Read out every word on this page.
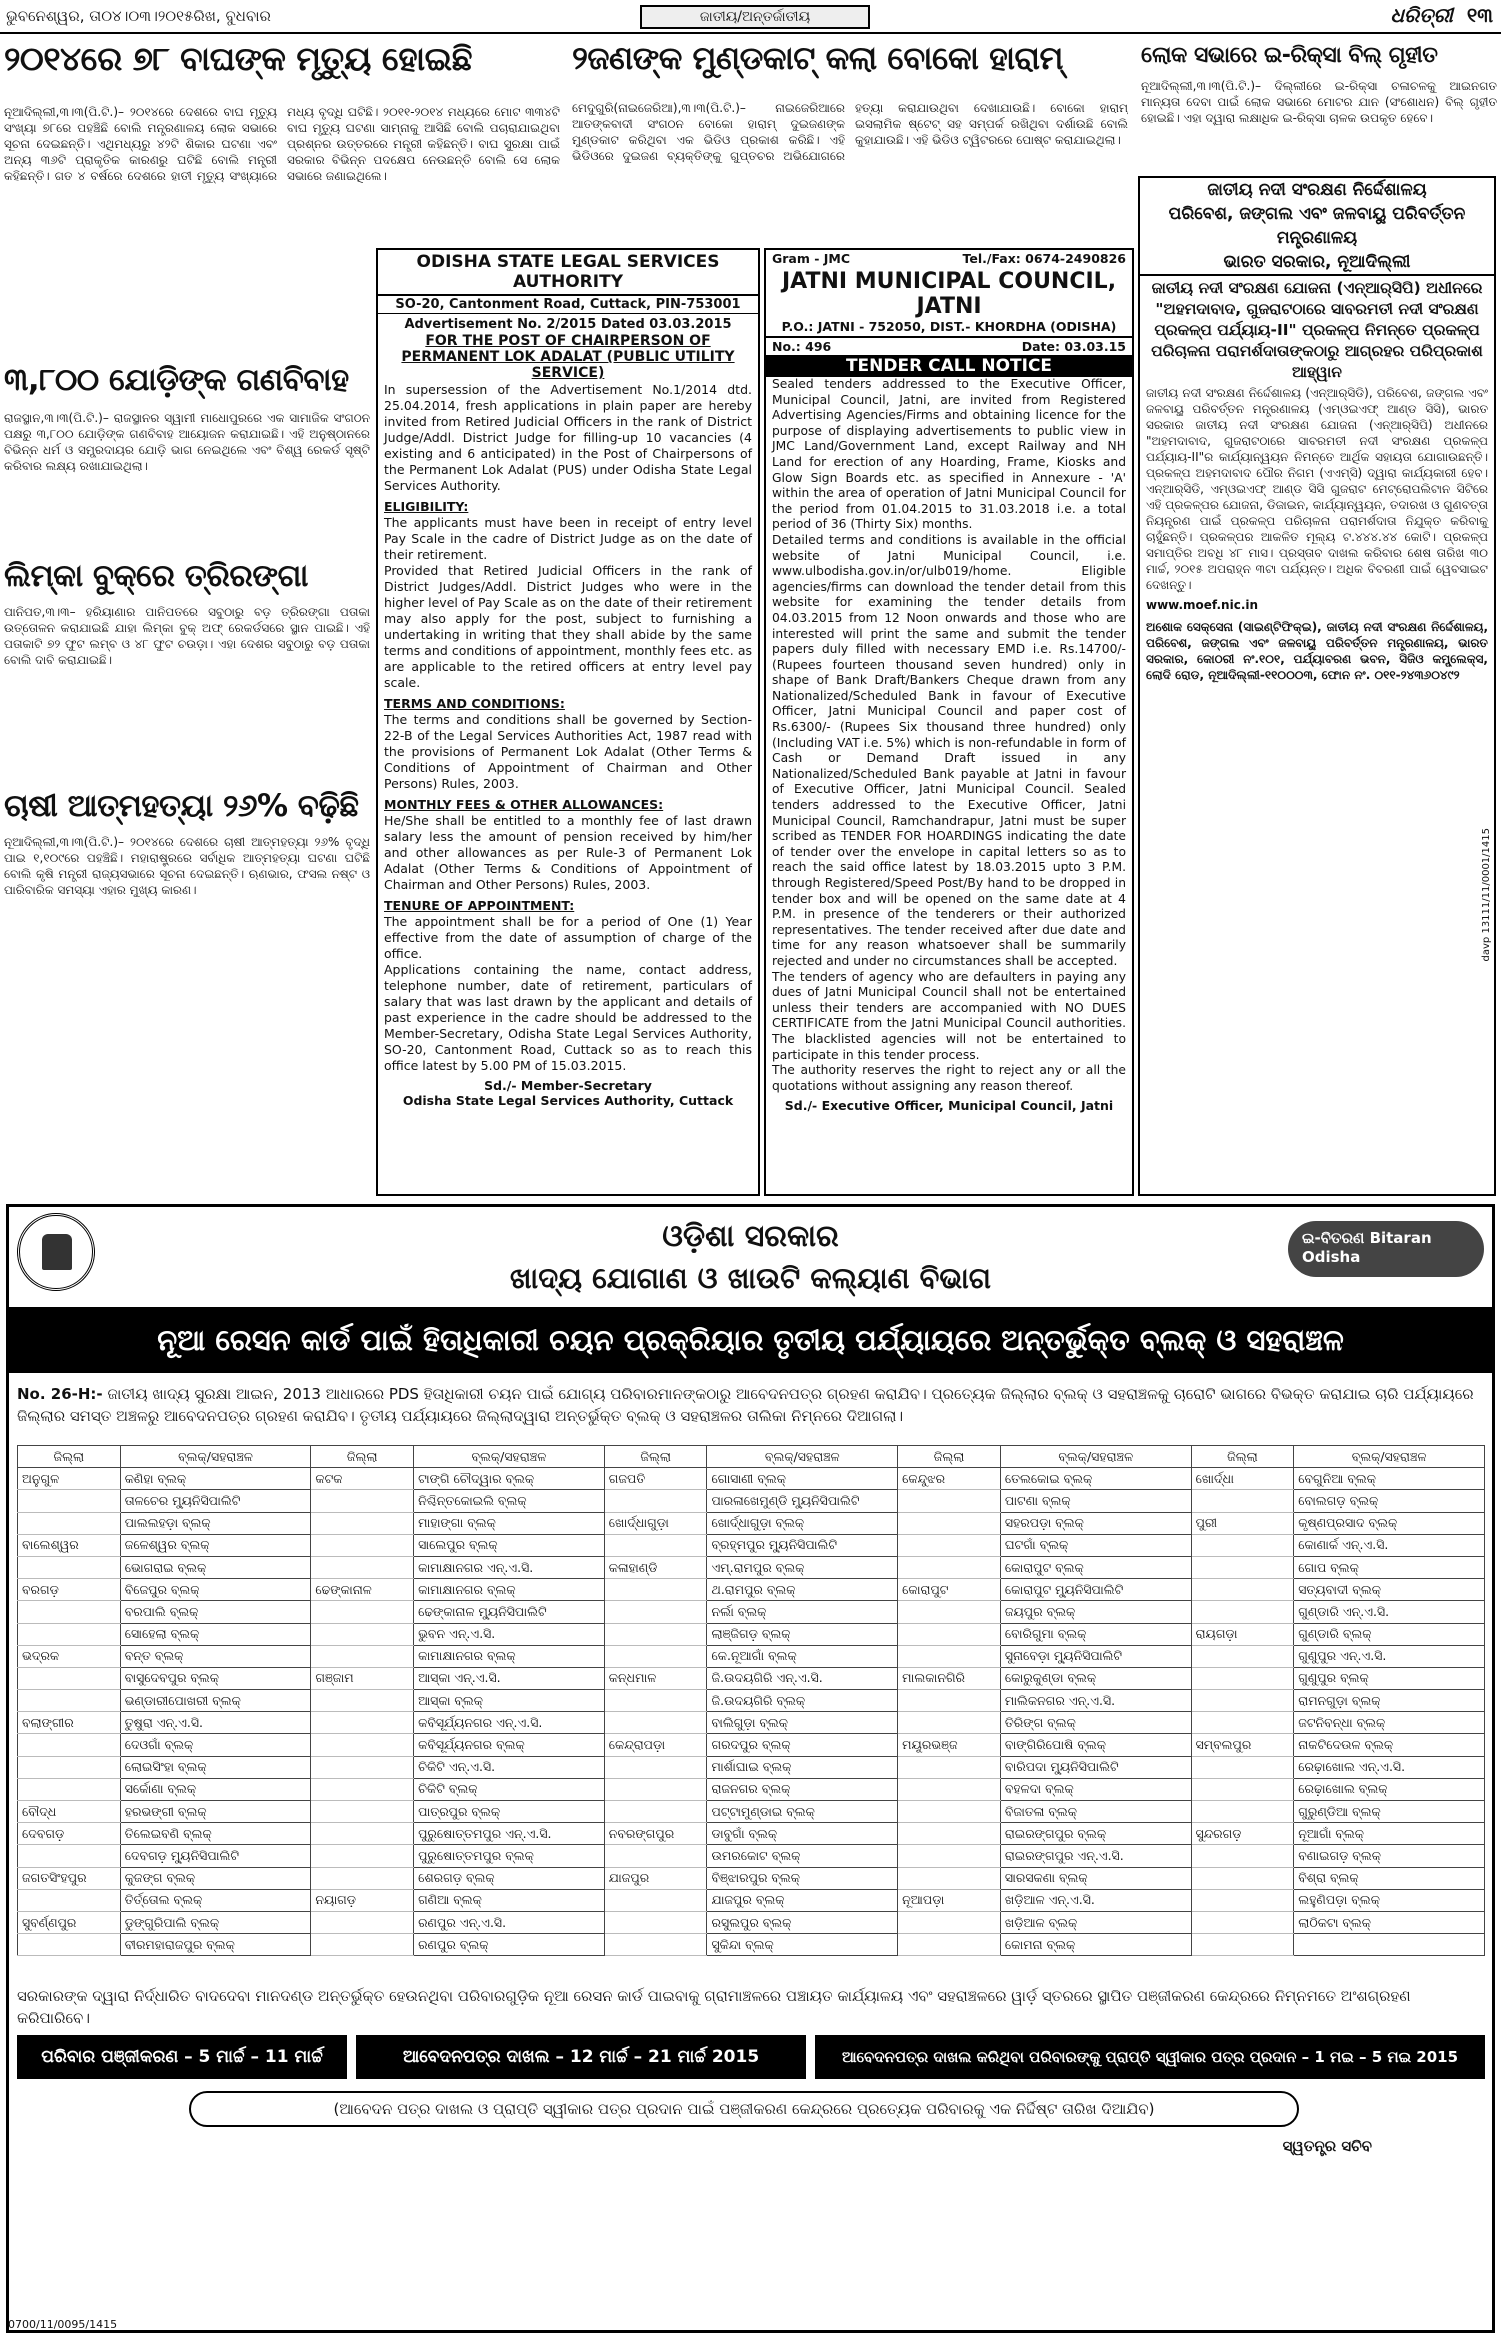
ଭୁବନେଶ୍ୱର, ତା୦୪।୦୩।୨୦୧୫ରିଖ, ବୁଧବାର	ଜାତୀୟ/ଅନ୍ତର୍ଜାତୀୟ	ଧରିତ୍ରୀ ୧୩
୨୦୧୪ରେ ୭୮ ବାଘଙ୍କ ମୃତ୍ୟୁ ହୋଇଛି
ନୂଆଦିଲ୍ଲୀ,୩।୩(ପି.ଟି.)– ୨୦୧୪ରେ ଦେଶରେ ବାଘ ମୃତ୍ୟୁ ସଂଖ୍ୟା ୭୮ରେ ପହଞ୍ଚିଛି ବୋଲି ମନ୍ତ୍ରଣାଳୟ ଲୋକ ସଭାରେ ସୂଚନା ଦେଇଛନ୍ତି। ଏଥିମଧ୍ୟରୁ ୪୨ଟି ଶିକାର ଘଟଣା ଏବଂ ଅନ୍ୟ ୩୬ଟି ପ୍ରାକୃତିକ କାରଣରୁ ଘଟିଛି ବୋଲି ମନ୍ତ୍ରୀ କହିଛନ୍ତି। ଗତ ୪ ବର୍ଷରେ ଦେଶରେ ହାତୀ ମୃତ୍ୟୁ ସଂଖ୍ୟାରେ ମଧ୍ୟ ବୃଦ୍ଧି ଘଟିଛି। ୨୦୧୧-୨୦୧୪ ମଧ୍ୟରେ ମୋଟ ୩୩୪ଟି ବାଘ ମୃତ୍ୟୁ ଘଟଣା ସାମ୍ନାକୁ ଆସିଛି ବୋଲି ପଚାରାଯାଇଥିବା ପ୍ରଶ୍ନର ଉତ୍ତରରେ ମନ୍ତ୍ରୀ କହିଛନ୍ତି। ବାଘ ସୁରକ୍ଷା ପାଇଁ ସରକାର ବିଭିନ୍ନ ପଦକ୍ଷେପ ନେଉଛନ୍ତି ବୋଲି ସେ ଲୋକ ସଭାରେ ଜଣାଇଥିଲେ।
୨ଜଣଙ୍କ ମୁଣ୍ଡକାଟ୍ କଲା ବୋକୋ ହାରାମ୍
ମେଦୁଗୁରି(ନାଇଜେରିଆ),୩।୩(ପି.ଟି.)– ନାଇଜେରିଆରେ ଆତଙ୍କବାଦୀ ସଂଗଠନ ବୋକୋ ହାରାମ୍ ଦୁଇଜଣଙ୍କ ମୁଣ୍ଡକାଟ କରିଥିବା ଏକ ଭିଡିଓ ପ୍ରକାଶ କରିଛି। ଏହି ଭିଡିଓରେ ଦୁଇଜଣ ବ୍ୟକ୍ତିଙ୍କୁ ଗୁପ୍ତଚର ଅଭିଯୋଗରେ ହତ୍ୟା କରାଯାଉଥିବା ଦେଖାଯାଉଛି। ବୋକୋ ହାରାମ୍ ଇସଲାମିକ ଷ୍ଟେଟ୍ ସହ ସମ୍ପର୍କ ରଖିଥିବା ଦର୍ଶାଉଛି ବୋଲି କୁହାଯାଉଛି। ଏହି ଭିଡିଓ ଟ୍ୱିଟରରେ ପୋଷ୍ଟ କରାଯାଇଥିଲା।
ଲୋକ ସଭାରେ ଇ-ରିକ୍ସା ବିଲ୍ ଗୃହୀତ
ନୂଆଦିଲ୍ଲୀ,୩।୩(ପି.ଟି.)– ଦିଲ୍ଲୀରେ ଇ-ରିକ୍ସା ଚଳାଚଳକୁ ଆଇନଗତ ମାନ୍ୟତା ଦେବା ପାଇଁ ଲୋକ ସଭାରେ ମୋଟର ଯାନ (ସଂଶୋଧନ) ବିଲ୍ ଗୃହୀତ ହୋଇଛି। ଏହା ଦ୍ୱାରା ଲକ୍ଷାଧିକ ଇ-ରିକ୍ସା ଚାଳକ ଉପକୃତ ହେବେ।
୩,୮୦୦ ଯୋଡ଼ିଙ୍କ ଗଣବିବାହ
ରାଜସ୍ଥାନ,୩।୩(ପି.ଟି.)– ରାଜସ୍ଥାନର ସ୍ୱାମୀ ମାଧୋପୁରରେ ଏକ ସାମାଜିକ ସଂଗଠନ ପକ୍ଷରୁ ୩,୮୦୦ ଯୋଡ଼ିଙ୍କ ଗଣବିବାହ ଆୟୋଜନ କରାଯାଇଛି। ଏହି ଅନୁଷ୍ଠାନରେ ବିଭିନ୍ନ ଧର୍ମ ଓ ସମ୍ପ୍ରଦାୟର ଯୋଡ଼ି ଭାଗ ନେଇଥିଲେ ଏବଂ ବିଶ୍ୱ ରେକର୍ଡ ସୃଷ୍ଟି କରିବାର ଲକ୍ଷ୍ୟ ରଖାଯାଇଥିଲା।
ଲିମ୍‌କା ବୁକ୍‌ରେ ତ୍ରିରଙ୍ଗା
ପାନିପତ,୩।୩– ହରିୟାଣାର ପାନିପତରେ ସବୁଠାରୁ ବଡ଼ ତ୍ରିରଙ୍ଗା ପତାକା ଉତ୍ତୋଳନ କରାଯାଇଛି ଯାହା ଲିମ୍‌କା ବୁକ୍ ଅଫ୍ ରେକର୍ଡସରେ ସ୍ଥାନ ପାଇଛି। ଏହି ପତାକାଟି ୭୨ ଫୁଟ ଲମ୍ବ ଓ ୪୮ ଫୁଟ ଚଉଡ଼ା। ଏହା ଦେଶର ସବୁଠାରୁ ବଡ଼ ପତାକା ବୋଲି ଦାବି କରାଯାଇଛି।
ଚାଷୀ ଆତ୍ମହତ୍ୟା ୨୬% ବଢ଼ିଛି
ନୂଆଦିଲ୍ଲୀ,୩।୩(ପି.ଟି.)– ୨୦୧୪ରେ ଦେଶରେ ଚାଷୀ ଆତ୍ମହତ୍ୟା ୨୬% ବୃଦ୍ଧି ପାଇ ୧,୧୦୯ରେ ପହଞ୍ଚିଛି। ମହାରାଷ୍ଟ୍ରରେ ସର୍ବାଧିକ ଆତ୍ମହତ୍ୟା ଘଟଣା ଘଟିଛି ବୋଲି କୃଷି ମନ୍ତ୍ରୀ ରାଜ୍ୟସଭାରେ ସୂଚନା ଦେଇଛନ୍ତି। ଋଣଭାର, ଫସଲ ନଷ୍ଟ ଓ ପାରିବାରିକ ସମସ୍ୟା ଏହାର ମୁଖ୍ୟ କାରଣ।
ODISHA STATE LEGAL SERVICES AUTHORITY
SO-20, Cantonment Road, Cuttack, PIN-753001
Advertisement No. 2/2015 Dated 03.03.2015
FOR THE POST OF CHAIRPERSON OF PERMANENT LOK ADALAT (PUBLIC UTILITY SERVICE)

In supersession of the Advertisement No.1/2014 dtd. 25.04.2014, fresh applications in plain paper are hereby invited from Retired Judicial Officers in the rank of District Judge/Addl. District Judge for filling-up 10 vacancies (4 existing and 6 anticipated) in the Post of Chairpersons of the Permanent Lok Adalat (PUS) under Odisha State Legal Services Authority.

ELIGIBILITY:

The applicants must have been in receipt of entry level Pay Scale in the cadre of District Judge as on the date of their retirement.

Provided that Retired Judicial Officers in the rank of District Judges/Addl. District Judges who were in the higher level of Pay Scale as on the date of their retirement may also apply for the post, subject to furnishing a undertaking in writing that they shall abide by the same terms and conditions of appointment, monthly fees etc. as are applicable to the retired officers at entry level pay scale.

TERMS AND CONDITIONS:

The terms and conditions shall be governed by Section-22-B of the Legal Services Authorities Act, 1987 read with the provisions of Permanent Lok Adalat (Other Terms & Conditions of Appointment of Chairman and Other Persons) Rules, 2003.

MONTHLY FEES & OTHER ALLOWANCES:

He/She shall be entitled to a monthly fee of last drawn salary less the amount of pension received by him/her and other allowances as per Rule-3 of Permanent Lok Adalat (Other Terms & Conditions of Appointment of Chairman and Other Persons) Rules, 2003.

TENURE OF APPOINTMENT:

The appointment shall be for a period of One (1) Year effective from the date of assumption of charge of the office.

Applications containing the name, contact address, telephone number, date of retirement, particulars of salary that was last drawn by the applicant and details of past experience in the cadre should be addressed to the Member-Secretary, Odisha State Legal Services Authority, SO-20, Cantonment Road, Cuttack so as to reach this office latest by 5.00 PM of 15.03.2015.

Sd./- Member-Secretary
Odisha State Legal Services Authority, Cuttack
Gram - JMC	Tel./Fax: 0674-2490826
JATNI MUNICIPAL COUNCIL, JATNI
P.O.: JATNI - 752050, DIST.- KHORDHA (ODISHA)
No.: 496	Date: 03.03.15
TENDER CALL NOTICE

Sealed tenders addressed to the Executive Officer, Municipal Council, Jatni, are invited from Registered Advertising Agencies/Firms and obtaining licence for the purpose of displaying advertisements to public view in JMC Land/Government Land, except Railway and NH Land for erection of any Hoarding, Frame, Kiosks and Glow Sign Boards etc. as specified in Annexure - 'A' within the area of operation of Jatni Municipal Council for the period from 01.04.2015 to 31.03.2018 i.e. a total period of 36 (Thirty Six) months.

Detailed terms and conditions is available in the official website of Jatni Municipal Council, i.e. www.ulbodisha.gov.in/or/ulb019/home. Eligible agencies/firms can download the tender detail from this website for examining the tender details from 04.03.2015 from 12 Noon onwards and those who are interested will print the same and submit the tender papers duly filled with necessary EMD i.e. Rs.14700/- (Rupees fourteen thousand seven hundred) only in shape of Bank Draft/Bankers Cheque drawn from any Nationalized/Scheduled Bank in favour of Executive Officer, Jatni Municipal Council and paper cost of Rs.6300/- (Rupees Six thousand three hundred) only (Including VAT i.e. 5%) which is non-refundable in form of Cash or Demand Draft issued in any Nationalized/Scheduled Bank payable at Jatni in favour of Executive Officer, Jatni Municipal Council. Sealed tenders addressed to the Executive Officer, Jatni Municipal Council, Ramchandrapur, Jatni must be super scribed as TENDER FOR HOARDINGS indicating the date of tender over the envelope in capital letters so as to reach the said office latest by 18.03.2015 upto 3 P.M. through Registered/Speed Post/By hand to be dropped in tender box and will be opened on the same date at 4 P.M. in presence of the tenderers or their authorized representatives. The tender received after due date and time for any reason whatsoever shall be summarily rejected and under no circumstances shall be accepted.

The tenders of agency who are defaulters in paying any dues of Jatni Municipal Council shall not be entertained unless their tenders are accompanied with NO DUES CERTIFICATE from the Jatni Municipal Council authorities. The blacklisted agencies will not be entertained to participate in this tender process.

The authority reserves the right to reject any or all the quotations without assigning any reason thereof.

Sd./- Executive Officer, Municipal Council, Jatni
ଜାତୀୟ ନଦୀ ସଂରକ୍ଷଣ ନିର୍ଦ୍ଦେଶାଳୟ
ପରିବେଶ, ଜଙ୍ଗଲ ଏବଂ ଜଳବାୟୁ ପରିବର୍ତ୍ତନ ମନ୍ତ୍ରଣାଳୟ
ଭାରତ ସରକାର, ନୂଆଦିଲ୍ଲୀ
ଜାତୀୟ ନଦୀ ସଂରକ୍ଷଣ ଯୋଜନା (ଏନ୍‌ଆର୍‌ସିପି) ଅଧୀନରେ "ଅହମଦାବାଦ, ଗୁଜରାଟଠାରେ ସାବରମତୀ ନଦୀ ସଂରକ୍ଷଣ ପ୍ରକଳ୍ପ ପର୍ଯ୍ୟାୟ-II" ପ୍ରକଳ୍ପ ନିମନ୍ତେ ପ୍ରକଳ୍ପ ପରିଚାଳନା ପରାମର୍ଶଦାତାଙ୍କଠାରୁ ଆଗ୍ରହର ପରିପ୍ରକାଶ ଆହ୍ୱାନ

ଜାତୀୟ ନଦୀ ସଂରକ୍ଷଣ ନିର୍ଦ୍ଦେଶାଳୟ (ଏନ୍‌ଆର୍‌ସିଡି), ପରିବେଶ, ଜଙ୍ଗଲ ଏବଂ ଜଳବାୟୁ ପରିବର୍ତ୍ତନ ମନ୍ତ୍ରଣାଳୟ (ଏମ୍‌ଓଇଏଫ୍ ଆଣ୍ଡ ସିସି), ଭାରତ ସରକାର ଜାତୀୟ ନଦୀ ସଂରକ୍ଷଣ ଯୋଜନା (ଏନ୍‌ଆର୍‌ସିପି) ଅଧୀନରେ "ଅହମଦାବାଦ, ଗୁଜରାଟଠାରେ ସାବରମତୀ ନଦୀ ସଂରକ୍ଷଣ ପ୍ରକଳ୍ପ ପର୍ଯ୍ୟାୟ-II"ର କାର୍ଯ୍ୟାନ୍ୱୟନ ନିମନ୍ତେ ଆର୍ଥିକ ସହାୟତା ଯୋଗାଉଛନ୍ତି। ପ୍ରକଳ୍ପ ଅହମଦାବାଦ ପୌର ନିଗମ (ଏଏମ୍‌ସି) ଦ୍ୱାରା କାର୍ଯ୍ୟକାରୀ ହେବ। ଏନ୍‌ଆର୍‌ସିଡି, ଏମ୍‌ଓଇଏଫ୍ ଆଣ୍ଡ ସିସି ଗୁଜରାଟ ମେଟ୍ରୋପଲିଟାନ ସିଟିରେ ଏହି ପ୍ରକଳ୍ପର ଯୋଜନା, ଡିଜାଇନ, କାର୍ଯ୍ୟାନ୍ୱୟନ, ତଦାରଖ ଓ ଗୁଣବତ୍ତା ନିୟନ୍ତ୍ରଣ ପାଇଁ ପ୍ରକଳ୍ପ ପରିଚାଳନା ପରାମର୍ଶଦାତା ନିଯୁକ୍ତ କରିବାକୁ ଚାହୁଁଛନ୍ତି। ପ୍ରକଳ୍ପର ଆକଳିତ ମୂଲ୍ୟ ଟ.୪୪୪.୪୪ କୋଟି। ପ୍ରକଳ୍ପ ସମାପ୍ତିର ଅବଧି ୪୮ ମାସ। ପ୍ରସ୍ତାବ ଦାଖଲ କରିବାର ଶେଷ ତାରିଖ ୩୦ ମାର୍ଚ୍ଚ, ୨୦୧୫ ଅପରାହ୍ନ ୩ଟା ପର୍ଯ୍ୟନ୍ତ। ଅଧିକ ବିବରଣୀ ପାଇଁ ୱେବସାଇଟ ଦେଖନ୍ତୁ।

www.moef.nic.in

ଅଶୋକ ସେକ୍ସେନା (ସାଇଣ୍ଟିଫିକ୍‌ଇ), ଜାତୀୟ ନଦୀ ସଂରକ୍ଷଣ ନିର୍ଦ୍ଦେଶାଳୟ, ପରିବେଶ, ଜଙ୍ଗଲ ଏବଂ ଜଳବାୟୁ ପରିବର୍ତ୍ତନ ମନ୍ତ୍ରଣାଳୟ, ଭାରତ ସରକାର, କୋଠରୀ ନଂ.୧୦୧, ପର୍ଯ୍ୟାବରଣ ଭବନ, ସିଜିଓ କମ୍ପ୍ଲେକ୍ସ, ଲୋଦି ରୋଡ, ନୂଆଦିଲ୍ଲୀ-୧୧୦୦୦୩, ଫୋନ ନଂ. ୦୧୧-୨୪୩୬୦୪୯୨

davp 13111/11/0001/1415
ଇ-ବିତରଣ Bitaran Odisha
ଓଡ଼ିଶା ସରକାର
ଖାଦ୍ୟ ଯୋଗାଣ ଓ ଖାଉଟି କଲ୍ୟାଣ ବିଭାଗ
ନୂଆ ରେସନ କାର୍ଡ ପାଇଁ ହିତାଧିକାରୀ ଚୟନ ପ୍ରକ୍ରିୟାର ତୃତୀୟ ପର୍ଯ୍ୟାୟରେ ଅନ୍ତର୍ଭୁକ୍ତ ବ୍ଲକ୍ ଓ ସହରାଞ୍ଚଳ
No. 26-H:- ଜାତୀୟ ଖାଦ୍ୟ ସୁରକ୍ଷା ଆଇନ, 2013 ଆଧାରରେ PDS ହିତାଧିକାରୀ ଚୟନ ପାଇଁ ଯୋଗ୍ୟ ପରିବାରମାନଙ୍କଠାରୁ ଆବେଦନପତ୍ର ଗ୍ରହଣ କରାଯିବ। ପ୍ରତ୍ୟେକ ଜିଲ୍ଲାର ବ୍ଲକ୍ ଓ ସହରାଞ୍ଚଳକୁ ଚାରୋଟି ଭାଗରେ ବିଭକ୍ତ କରାଯାଇ ଚାରି ପର୍ଯ୍ୟାୟରେ ଜିଲ୍ଲାର ସମସ୍ତ ଅଞ୍ଚଳରୁ ଆବେଦନପତ୍ର ଗ୍ରହଣ କରାଯିବ। ତୃତୀୟ ପର୍ଯ୍ୟାୟରେ ଜିଲ୍ଲାଦ୍ୱାରା ଅନ୍ତର୍ଭୁକ୍ତ ବ୍ଲକ୍ ଓ ସହରାଞ୍ଚଳର ତାଲିକା ନିମ୍ନରେ ଦିଆଗଲା।
ଜିଲ୍ଲା	ବ୍ଲକ୍/ସହରାଞ୍ଚଳ	ଜିଲ୍ଲା	ବ୍ଲକ୍/ସହରାଞ୍ଚଳ	ଜିଲ୍ଲା	ବ୍ଲକ୍/ସହରାଞ୍ଚଳ	ଜିଲ୍ଲା	ବ୍ଲକ୍/ସହରାଞ୍ଚଳ	ଜିଲ୍ଲା	ବ୍ଲକ୍/ସହରାଞ୍ଚଳ
ଅନୁଗୁଳ	କଣିହା ବ୍ଲକ୍	କଟକ	ଟାଙ୍ଗି ଚୌଦ୍ୱାର ବ୍ଲକ୍	ଗଜପତି	ଗୋସାଣୀ ବ୍ଲକ୍	କେନ୍ଦୁଝର	ତେଲକୋଇ ବ୍ଲକ୍	ଖୋର୍ଦ୍ଧା	ବେଗୁନିଆ ବ୍ଲକ୍
	ତାଳଚେର ମ୍ୟୁନିସିପାଲିଟି		ନିଶ୍ଚିନ୍ତକୋଇଲି ବ୍ଲକ୍		ପାରଳାଖେମୁଣ୍ଡି ମ୍ୟୁନିସିପାଲିଟି		ପାଟଣା ବ୍ଲକ୍		ବୋଲଗଡ଼ ବ୍ଲକ୍
	ପାଲଲହଡ଼ା ବ୍ଲକ୍		ମାହାଙ୍ଗା ବ୍ଲକ୍	ଖୋର୍ଦ୍ଧାଗୁଡ଼ା	ଖୋର୍ଦ୍ଧାଗୁଡ଼ା ବ୍ଲକ୍		ସହରପଡ଼ା ବ୍ଲକ୍	ପୁରୀ	କୃଷ୍ଣପ୍ରସାଦ ବ୍ଲକ୍
ବାଲେଶ୍ୱର	ଜଳେଶ୍ୱର ବ୍ଲକ୍		ସାଲେପୁର ବ୍ଲକ୍		ବ୍ରହ୍ମପୁର ମ୍ୟୁନିସିପାଲିଟି		ଘଟଗାଁ ବ୍ଲକ୍		କୋଣାର୍କ ଏନ୍.ଏ.ସି.
	ଭୋଗରାଇ ବ୍ଲକ୍		କାମାକ୍ଷାନଗର ଏନ୍.ଏ.ସି.	କଳାହାଣ୍ଡି	ଏମ୍.ରାମପୁର ବ୍ଲକ୍		କୋରାପୁଟ ବ୍ଲକ୍		ଗୋପ ବ୍ଲକ୍
ବରଗଡ଼	ବିଜେପୁର ବ୍ଲକ୍	ଢେଙ୍କାନାଳ	କାମାକ୍ଷାନଗର ବ୍ଲକ୍		ଥ.ରାମପୁର ବ୍ଲକ୍	କୋରାପୁଟ	କୋରାପୁଟ ମ୍ୟୁନିସିପାଲିଟି		ସତ୍ୟବାଦୀ ବ୍ଲକ୍
	ବରପାଲି ବ୍ଲକ୍		ଢେଙ୍କାନାଳ ମ୍ୟୁନିସିପାଲିଟି		ନର୍ଲା ବ୍ଲକ୍		ଜୟପୁର ବ୍ଲକ୍		ଗୁଣ୍ଡାରି ଏନ୍.ଏ.ସି.
	ସୋହେଲା ବ୍ଲକ୍		ଭୁବନ ଏନ୍.ଏ.ସି.		ଲାଞ୍ଜିଗଡ଼ ବ୍ଲକ୍		ବୋରିଗୁମା ବ୍ଲକ୍	ରାୟଗଡ଼ା	ଗୁଣ୍ଡାରି ବ୍ଲକ୍
ଭଦ୍ରକ	ବନ୍ତ ବ୍ଲକ୍		କାମାକ୍ଷାନଗର ବ୍ଲକ୍		କେ.ନୂଆଗାଁ ବ୍ଲକ୍		ସୁନାବେଡ଼ା ମ୍ୟୁନିସିପାଲିଟି		ଗୁଣୁପୁର ଏନ୍.ଏ.ସି.
	ବାସୁଦେବପୁର ବ୍ଲକ୍	ଗଞ୍ଜାମ	ଆସ୍କା ଏନ୍.ଏ.ସି.	କନ୍ଧମାଳ	ଜି.ଉଦୟଗିରି ଏନ୍.ଏ.ସି.	ମାଲକାନଗିରି	କୋରୁକୁଣ୍ଡା ବ୍ଲକ୍		ଗୁଣୁପୁର ବ୍ଲକ୍
	ଭଣ୍ଡାରୀପୋଖରୀ ବ୍ଲକ୍		ଆସ୍କା ବ୍ଲକ୍		ଜି.ଉଦୟଗିରି ବ୍ଲକ୍		ମାଲିକନଗର ଏନ୍.ଏ.ସି.		ରାମନଗୁଡ଼ା ବ୍ଲକ୍
ବଲାଙ୍ଗୀର	ତୁଷୁରା ଏନ୍.ଏ.ସି.		କବିସୂର୍ଯ୍ୟନଗର ଏନ୍.ଏ.ସି.		ବାଲିଗୁଡ଼ା ବ୍ଲକ୍		ତିରିଙ୍ଗ ବ୍ଲକ୍		ଜଟନିବନ୍ଧା ବ୍ଲକ୍
	ଦେଓଗାଁ ବ୍ଲକ୍		କବିସୂର୍ଯ୍ୟନଗର ବ୍ଲକ୍	କେନ୍ଦ୍ରାପଡ଼ା	ଗରଦପୁର ବ୍ଲକ୍	ମୟୂରଭଞ୍ଜ	ବାଙ୍ଗିରିପୋଷି ବ୍ଲକ୍	ସମ୍ବଲପୁର	ନାକଟିଦେଉଳ ବ୍ଲକ୍
	ଲୋଇସିଂହା ବ୍ଲକ୍		ଚିକିଟି ଏନ୍.ଏ.ସି.		ମାର୍ଶାଘାଇ ବ୍ଲକ୍		ବାରିପଦା ମ୍ୟୁନିସିପାଲିଟି		ରେଢ଼ାଖୋଲ ଏନ୍.ଏ.ସି.
	ସର୍କୋଣା ବ୍ଲକ୍		ଚିକିଟି ବ୍ଲକ୍		ରାଜନଗର ବ୍ଲକ୍		ବହଳଦା ବ୍ଲକ୍		ରେଢ଼ାଖୋଲ ବ୍ଲକ୍
ବୌଦ୍ଧ	ହରଭଙ୍ଗୀ ବ୍ଲକ୍		ପାତ୍ରପୁର ବ୍ଲକ୍		ପଟ୍ଟାମୁଣ୍ଡାଇ ବ୍ଲକ୍		ବିଜାତଳା ବ୍ଲକ୍		ଗୁରୁଣ୍ଡିଆ ବ୍ଲକ୍
ଦେବଗଡ଼	ତିଲେଇବଣି ବ୍ଲକ୍		ପୁରୁଷୋତ୍ତମପୁର ଏନ୍.ଏ.ସି.	ନବରଙ୍ଗପୁର	ଡାବୁଗାଁ ବ୍ଲକ୍		ରାଇରଙ୍ଗପୁର ବ୍ଲକ୍	ସୁନ୍ଦରଗଡ଼	ନୂଆଗାଁ ବ୍ଲକ୍
	ଦେବଗଡ଼ ମ୍ୟୁନିସିପାଲିଟି		ପୁରୁଷୋତ୍ତମପୁର ବ୍ଲକ୍		ଉମରକୋଟ ବ୍ଲକ୍		ରାଇରଙ୍ଗପୁର ଏନ୍.ଏ.ସି.		ବଣାଇଗଡ଼ ବ୍ଲକ୍
ଜଗତସିଂହପୁର	କୁଜଙ୍ଗ ବ୍ଲକ୍		ଶେରଗଡ଼ ବ୍ଲକ୍	ଯାଜପୁର	ବିଞ୍ଝାରପୁର ବ୍ଲକ୍		ସାରସକଣା ବ୍ଲକ୍		ବିଶ୍ରା ବ୍ଲକ୍
	ତିର୍ତ୍ତୋଲ ବ୍ଲକ୍	ନୟାଗଡ଼	ଗଣିଆ ବ୍ଲକ୍		ଯାଜପୁର ବ୍ଲକ୍	ନୂଆପଡ଼ା	ଖଡ଼ିଆଳ ଏନ୍.ଏ.ସି.		ଲହୁଣିପଡ଼ା ବ୍ଲକ୍
ସୁବର୍ଣ୍ଣପୁର	ଡୁଙ୍ଗୁରିପାଲି ବ୍ଲକ୍		ରଣପୁର ଏନ୍.ଏ.ସି.		ରସୁଲପୁର ବ୍ଲକ୍		ଖଡ଼ିଆଳ ବ୍ଲକ୍		ଲାଠିକଟା ବ୍ଲକ୍
	ବୀରମହାରାଜପୁର ବ୍ଲକ୍		ରଣପୁର ବ୍ଲକ୍		ସୁକିନ୍ଦା ବ୍ଲକ୍		କୋମନା ବ୍ଲକ୍		
ସରକାରଙ୍କ ଦ୍ୱାରା ନିର୍ଦ୍ଧାରିତ ବାଦଦେବା ମାନଦଣ୍ଡ ଅନ୍ତର୍ଭୁକ୍ତ ହେଉନଥିବା ପରିବାରଗୁଡ଼ିକ ନୂଆ ରେସନ କାର୍ଡ ପାଇବାକୁ ଗ୍ରାମାଞ୍ଚଳରେ ପଞ୍ଚାୟତ କାର୍ଯ୍ୟାଳୟ ଏବଂ ସହରାଞ୍ଚଳରେ ୱାର୍ଡ଼ ସ୍ତରରେ ସ୍ଥାପିତ ପଞ୍ଜୀକରଣ କେନ୍ଦ୍ରରେ ନିମ୍ନମତେ ଅଂଶଗ୍ରହଣ କରିପାରିବେ।
ପରିବାର ପଞ୍ଜୀକରଣ – 5 ମାର୍ଚ୍ଚ – 11 ମାର୍ଚ୍ଚ 2015
ଆବେଦନପତ୍ର ଦାଖଲ – 12 ମାର୍ଚ୍ଚ – 21 ମାର୍ଚ୍ଚ 2015	ଆବେଦନପତ୍ର ଦାଖଲ କରିଥିବା ପରିବାରଙ୍କୁ ପ୍ରାପ୍ତି ସ୍ୱୀକାର ପତ୍ର ପ୍ରଦାନ – 1 ମଇ – 5 ମଇ 2015
(ଆବେଦନ ପତ୍ର ଦାଖଲ ଓ ପ୍ରାପ୍ତି ସ୍ୱୀକାର ପତ୍ର ପ୍ରଦାନ ପାଇଁ ପଞ୍ଜୀକରଣ କେନ୍ଦ୍ରରେ ପ୍ରତ୍ୟେକ ପରିବାରକୁ ଏକ ନିର୍ଦ୍ଦିଷ୍ଟ ତାରିଖ ଦିଆଯିବ)
ସ୍ୱତନ୍ତ୍ର ସଚିବ
0700/11/0095/1415
